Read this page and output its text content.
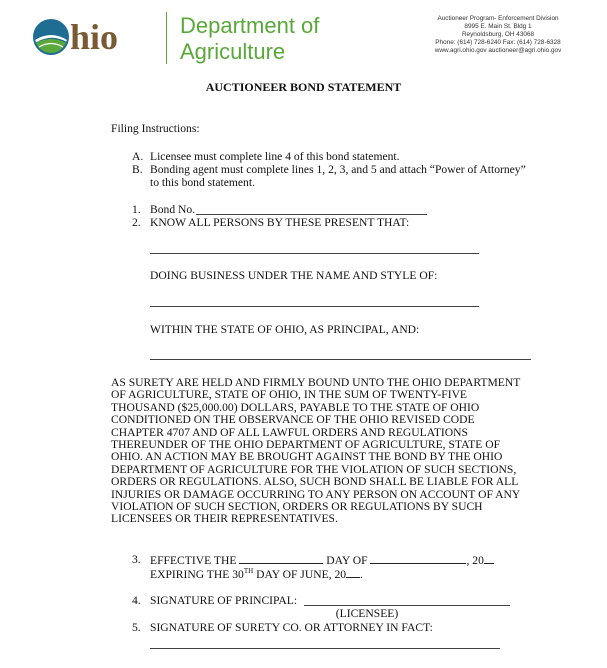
hio	Department of
Agriculture
Auctioneer Program- Enforcement Division
8995 E. Main St. Bldg 1
Reynoldsburg, OH 43068
Phone: (614) 728-6240 Fax: (614) 728-6328
www.agri.ohio.gov auctioneer@agri.ohio.gov
AUCTIONEER BOND STATEMENT
Filing Instructions:
A. Licensee must complete line 4 of this bond statement.
B. Bonding agent must complete lines 1, 2, 3, and 5 and attach “Power of Attorney”
to this bond statement.
1. Bond No.
2. KNOW ALL PERSONS BY THESE PRESENT THAT:
DOING BUSINESS UNDER THE NAME AND STYLE OF:
WITHIN THE STATE OF OHIO, AS PRINCIPAL, AND:
AS SURETY ARE HELD AND FIRMLY BOUND UNTO THE OHIO DEPARTMENT
OF AGRICULTURE, STATE OF OHIO, IN THE SUM OF TWENTY-FIVE
THOUSAND ($25,000.00) DOLLARS, PAYABLE TO THE STATE OF OHIO
CONDITIONED ON THE OBSERVANCE OF THE OHIO REVISED CODE
CHAPTER 4707 AND OF ALL LAWFUL ORDERS AND REGULATIONS
THEREUNDER OF THE OHIO DEPARTMENT OF AGRICULTURE, STATE OF
OHIO. AN ACTION MAY BE BROUGHT AGAINST THE BOND BY THE OHIO
DEPARTMENT OF AGRICULTURE FOR THE VIOLATION OF SUCH SECTIONS,
ORDERS OR REGULATIONS. ALSO, SUCH BOND SHALL BE LIABLE FOR ALL
INJURIES OR DAMAGE OCCURRING TO ANY PERSON ON ACCOUNT OF ANY
VIOLATION OF SUCH SECTION, ORDERS OR REGULATIONS BY SUCH
LICENSEES OR THEIR REPRESENTATIVES.
3. EFFECTIVE THE	DAY OF	, 20
EXPIRING THE 30TH DAY OF JUNE, 20 .
4. SIGNATURE OF PRINCIPAL:
(LICENSEE)
5. SIGNATURE OF SURETY CO. OR ATTORNEY IN FACT:
